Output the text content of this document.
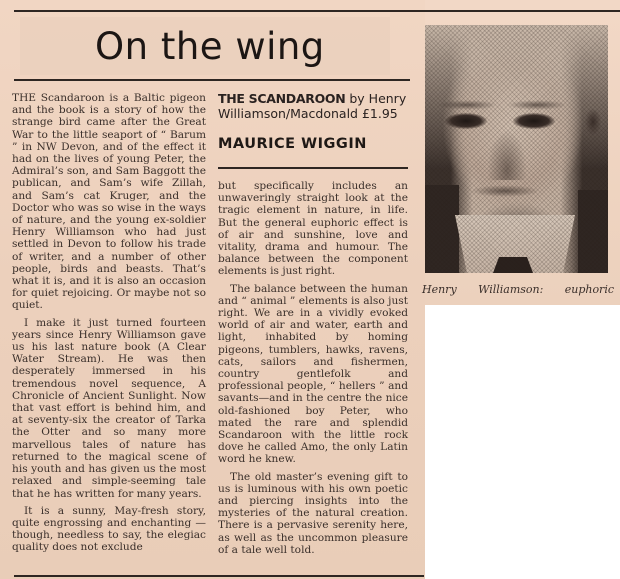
On the wing

THE Scandaroon is a Baltic pigeon and the book is a story of how the strange bird came after the Great War to the little seaport of “ Barum ” in NW Devon, and of the effect it had on the lives of young Peter, the Admiral’s son, and Sam Baggott the publican, and Sam’s wife Zillah, and Sam’s cat Kruger, and the Doctor who was so wise in the ways of nature, and the young ex-soldier Henry Williamson who had just settled in Devon to follow his trade of writer, and a number of other people, birds and beasts. That’s what it is, and it is also an occasion for quiet rejoicing. Or maybe not so quiet.

I make it just turned fourteen years since Henry Williamson gave us his last nature book (A Clear Water Stream). He was then desperately immersed in his tremendous novel sequence, A Chronicle of Ancient Sunlight. Now that vast effort is behind him, and at seventy-six the creator of Tarka the Otter and so many more marvellous tales of nature has returned to the magical scene of his youth and has given us the most relaxed and simple-seeming tale that he has written for many years.

It is a sunny, May-fresh story, quite engrossing and enchanting —though, needless to say, the elegiac quality does not exclude

THE SCANDAROON by Henry
Williamson/Macdonald £1.95
MAURICE WIGGIN

but specifically includes an unwaveringly straight look at the tragic element in nature, in life. But the general euphoric effect is of air and sunshine, love and vitality, drama and humour. The balance between the component elements is just right.

The balance between the human and “ animal ” elements is also just right. We are in a vividly evoked world of air and water, earth and light, inhabited by homing pigeons, tumblers, hawks, ravens, cats, sailors and fishermen, country gentlefolk and professional people, “ hellers ” and savants—and in the centre the nice old-fashioned boy Peter, who mated the rare and splendid Scandaroon with the little rock dove he called Amo, the only Latin word he knew.

The old master’s evening gift to us is luminous with his own poetic and piercing insights into the mysteries of the natural creation. There is a pervasive serenity here, as well as the uncommon pleasure of a tale well told.

Henry Williamson: euphoric
